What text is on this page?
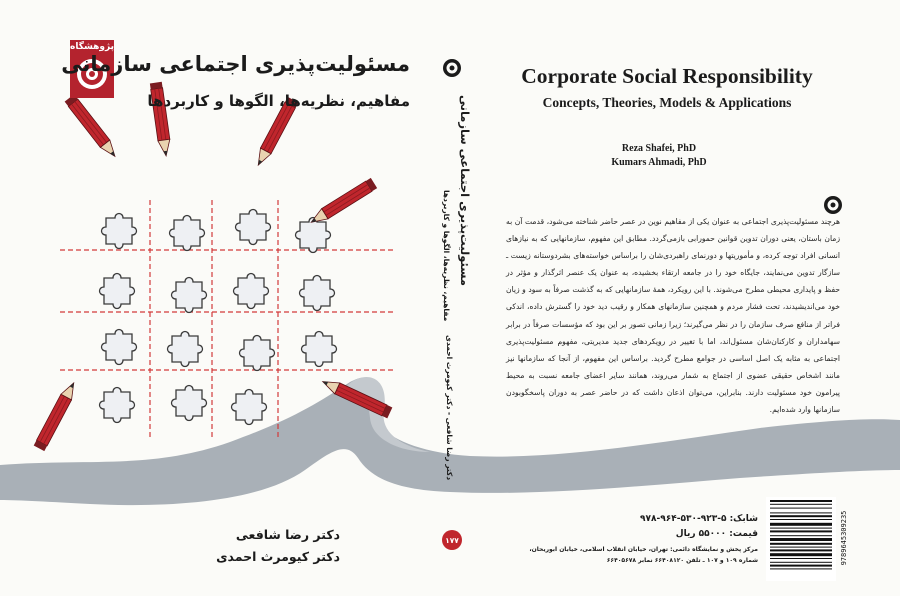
۱۷۷
پژوهشگاه
مسئولیت‌پذیری اجتماعی سازمانی
مفاهیم، نظریه‌ها، الگوها و کاربردها
دکتر رضا شافعی
دکتر کیومرث احمدی
مسئولیت‌پذیری اجتماعی سازمانی
مفاهیم، نظریه‌ها، الگوها و کاربردها
دکتر رضا شافعی - دکتر کیومرث احمدی
Corporate Social Responsibility
Concepts, Theories, Models & Applications
Reza Shafei, PhD
Kumars Ahmadi, PhD
هرچند مسئولیت‌پذیری اجتماعی به عنوان یکی از مفاهیم نوین در عصر حاضر شناخته می‌شود، قدمت آن به زمان باستان، یعنی دوران تدوین قوانین حمورابی بازمی‌گردد. مطابق این مفهوم، سازمانهایی که به نیازهای انسانی افراد توجه کرده، و مأموریتها و دورنمای راهبردی‌شان را براساس خواسته‌های بشردوستانه زیست ـ سازگار تدوین می‌نمایند، جایگاه خود را در جامعه ارتقاء بخشیده، به عنوان یک عنصر اثرگذار و مؤثر در حفظ و پایداری محیطی مطرح می‌شوند. با این رویکرد، همهٔ سازمانهایی که به گذشت صرفاً به سود و زیان خود می‌اندیشیدند، تحت فشار مردم و همچنین سازمانهای همکار و رقیب دید خود را گسترش داده، اندکی فراتر از منافع صرف سازمان را در نظر می‌گیرند؛ زیرا زمانی تصور بر این بود که مؤسسات صرفاً در برابر سهامداران و کارکنان‌شان مسئول‌اند، اما با تغییر در رویکردهای جدید مدیریتی، مفهوم مسئولیت‌پذیری اجتماعی به مثابه یک اصل اساسی در جوامع مطرح گردید. براساس این مفهوم، از آنجا که سازمانها نیز مانند اشخاص حقیقی عضوی از اجتماع به شمار می‌روند، همانند سایر اعضای جامعه نسبت به محیط پیرامون خود مسئولیت دارند. بنابراین، می‌توان اذعان داشت که در حاضر عصر به دوران پاسخگوبودن سازمانها وارد شده‌ایم.
شابک: ۵-۹۲۳-۵۳۰-۹۶۴-۹۷۸
قیمت: ۵۵۰۰۰ ریال
مرکز پخش و نمایشگاه دائمی: تهران، خیابان انقلاب اسلامی، خیابان ابوریحان،
شماره ۱۰۹ و ۱۰۷ ـ تلفن ۶۶۴۰۸۱۲۰ نمابر ۶۶۴۰۵۶۷۸	9789645309235
